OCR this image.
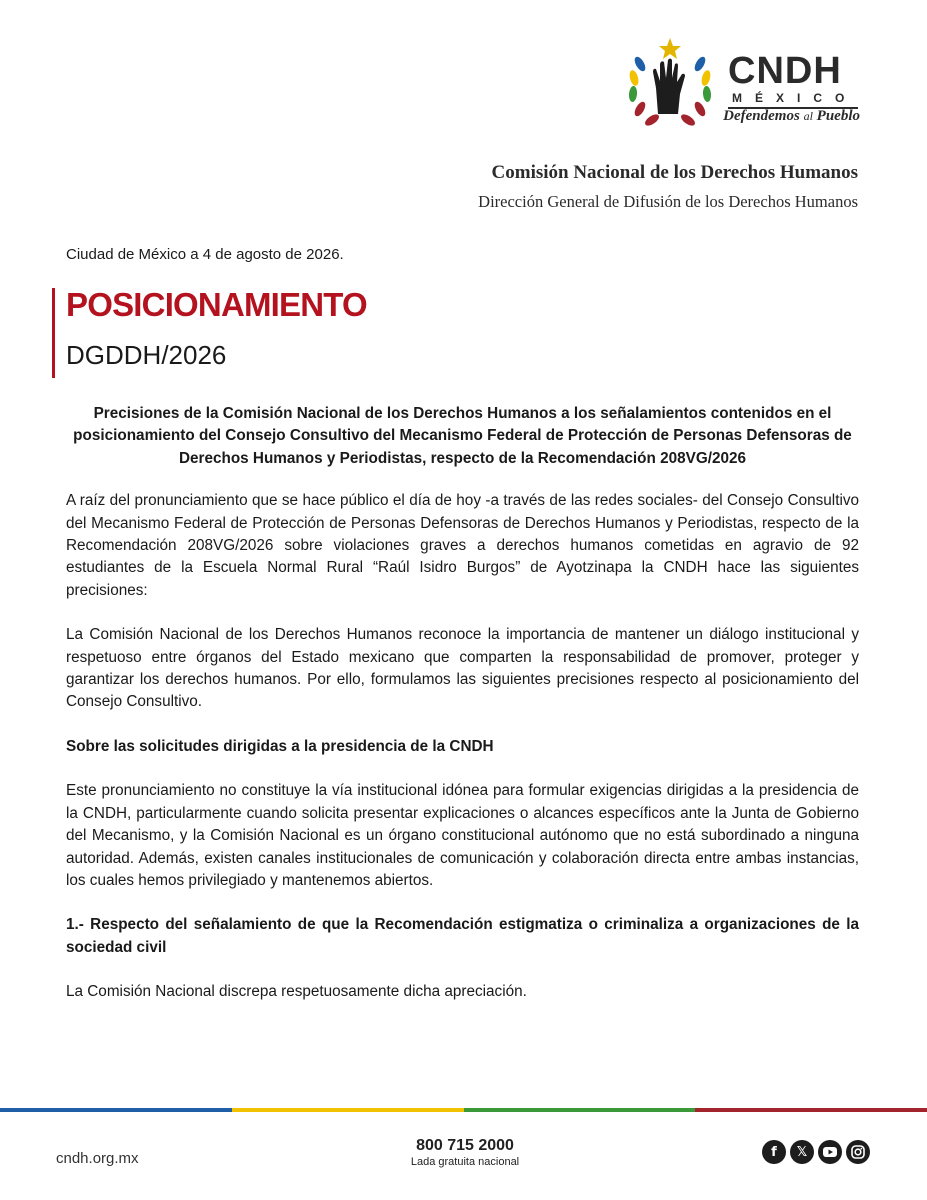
CNDH
MÉXICO
Defendemos al Pueblo
Comisión Nacional de los Derechos Humanos
Dirección General de Difusión de los Derechos Humanos
Ciudad de México a 4 de agosto de 2026.
POSICIONAMIENTO
DGDDH/2026

Precisiones de la Comisión Nacional de los Derechos Humanos a los señalamientos contenidos en el posicionamiento del Consejo Consultivo del Mecanismo Federal de Protección de Personas Defensoras de Derechos Humanos y Periodistas, respecto de la Recomendación 208VG/2026

A raíz del pronunciamiento que se hace público el día de hoy -a través de las redes sociales- del Consejo Consultivo del Mecanismo Federal de Protección de Personas Defensoras de Derechos Humanos y Periodistas, respecto de la Recomendación 208VG/2026 sobre violaciones graves a derechos humanos cometidas en agravio de 92 estudiantes de la Escuela Normal Rural “Raúl Isidro Burgos” de Ayotzinapa la CNDH hace las siguientes precisiones:

La Comisión Nacional de los Derechos Humanos reconoce la importancia de mantener un diálogo institucional y respetuoso entre órganos del Estado mexicano que comparten la responsabilidad de promover, proteger y garantizar los derechos humanos. Por ello, formulamos las siguientes precisiones respecto al posicionamiento del Consejo Consultivo.

Sobre las solicitudes dirigidas a la presidencia de la CNDH

Este pronunciamiento no constituye la vía institucional idónea para formular exigencias dirigidas a la presidencia de la CNDH, particularmente cuando solicita presentar explicaciones o alcances específicos ante la Junta de Gobierno del Mecanismo, y la Comisión Nacional es un órgano constitucional autónomo que no está subordinado a ninguna autoridad. Además, existen canales institucionales de comunicación y colaboración directa entre ambas instancias, los cuales hemos privilegiado y mantenemos abiertos.

1.- Respecto del señalamiento de que la Recomendación estigmatiza o criminaliza a organizaciones de la sociedad civil

La Comisión Nacional discrepa respetuosamente dicha apreciación.

cndh.org.mx
800 715 2000
Lada gratuita nacional
f	𝕏
